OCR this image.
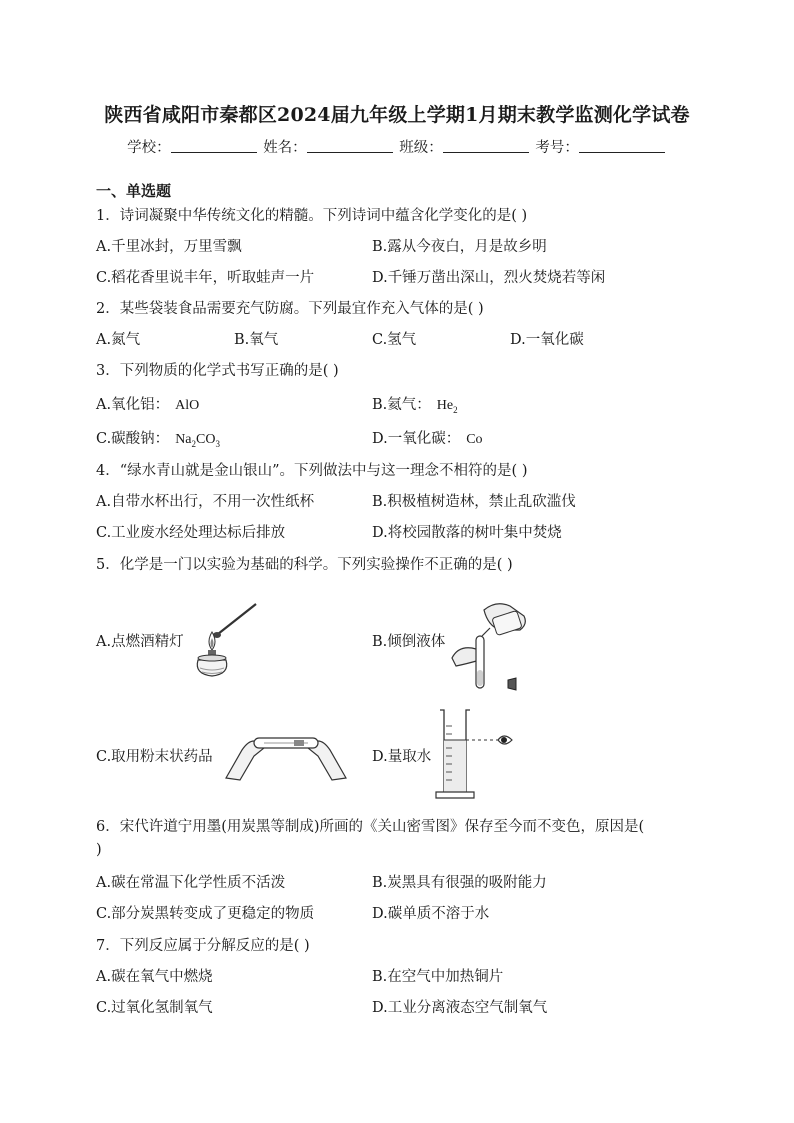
陕西省咸阳市秦都区2024届九年级上学期1月期末教学监测化学试卷
学校：	姓名：	班级：	考号：
一、单选题
1．诗词凝聚中华传统文化的精髓。下列诗词中蕴含化学变化的是( )
A.千里冰封，万里雪飘	B.露从今夜白，月是故乡明
C.稻花香里说丰年，听取蛙声一片	D.千锤万凿出深山，烈火焚烧若等闲
2．某些袋装食品需要充气防腐。下列最宜作充入气体的是( )
A.氮气	B.氧气	C.氢气	D.一氧化碳
3．下列物质的化学式书写正确的是( )
A.氧化铝： AlO	B.氦气： $He_2$
C.碳酸钠： $Na_2CO_3$	D.一氧化碳： Co
4．“绿水青山就是金山银山”。下列做法中与这一理念不相符的是( )
A.自带水杯出行，不用一次性纸杯	B.积极植树造林，禁止乱砍滥伐
C.工业废水经处理达标后排放	D.将校园散落的树叶集中焚烧
5．化学是一门以实验为基础的科学。下列实验操作不正确的是( )
A.点燃酒精灯	B.倾倒液体
C.取用粉末状药品	D.量取水
6．宋代许道宁用墨(用炭黑等制成)所画的《关山密雪图》保存至今而不变色，原因是(
)
A.碳在常温下化学性质不活泼	B.炭黑具有很强的吸附能力
C.部分炭黑转变成了更稳定的物质	D.碳单质不溶于水
7．下列反应属于分解反应的是( )
A.碳在氧气中燃烧	B.在空气中加热铜片
C.过氧化氢制氧气	D.工业分离液态空气制氧气
